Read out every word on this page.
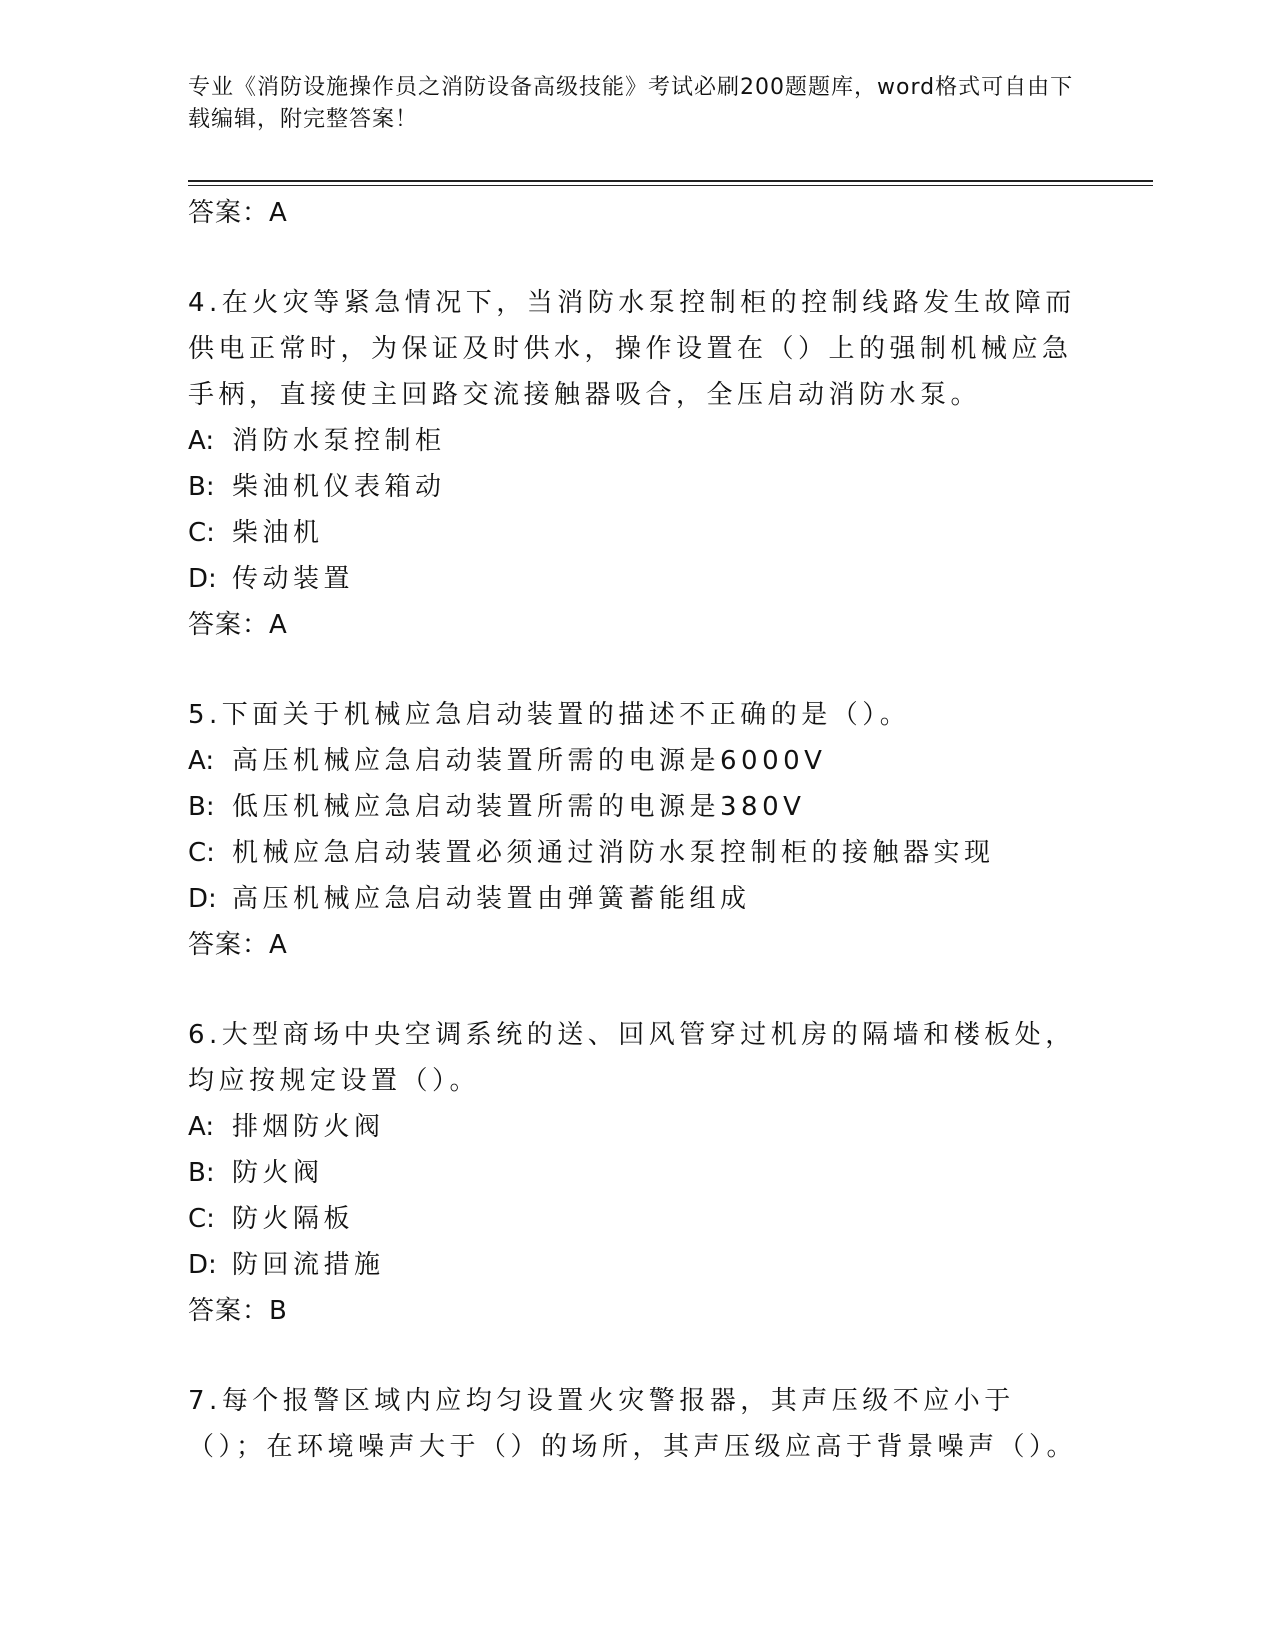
专业《消防设施操作员之消防设备高级技能》考试必刷200题题库，word格式可自由下载编辑，附完整答案！
答案：A
4.在火灾等紧急情况下，当消防水泵控制柜的控制线路发生故障而供电正常时，为保证及时供水，操作设置在（）上的强制机械应急手柄，直接使主回路交流接触器吸合，全压启动消防水泵。
A: 消防水泵控制柜
B: 柴油机仪表箱动
C: 柴油机
D: 传动装置
答案：A
5.下面关于机械应急启动装置的描述不正确的是（）。
A: 高压机械应急启动装置所需的电源是6000V
B: 低压机械应急启动装置所需的电源是380V
C: 机械应急启动装置必须通过消防水泵控制柜的接触器实现
D: 高压机械应急启动装置由弹簧蓄能组成
答案：A
6.大型商场中央空调系统的送、回风管穿过机房的隔墙和楼板处，均应按规定设置（）。
A: 排烟防火阀
B: 防火阀
C: 防火隔板
D: 防回流措施
答案：B
7.每个报警区域内应均匀设置火灾警报器，其声压级不应小于（）；在环境噪声大于（）的场所，其声压级应高于背景噪声（）。
